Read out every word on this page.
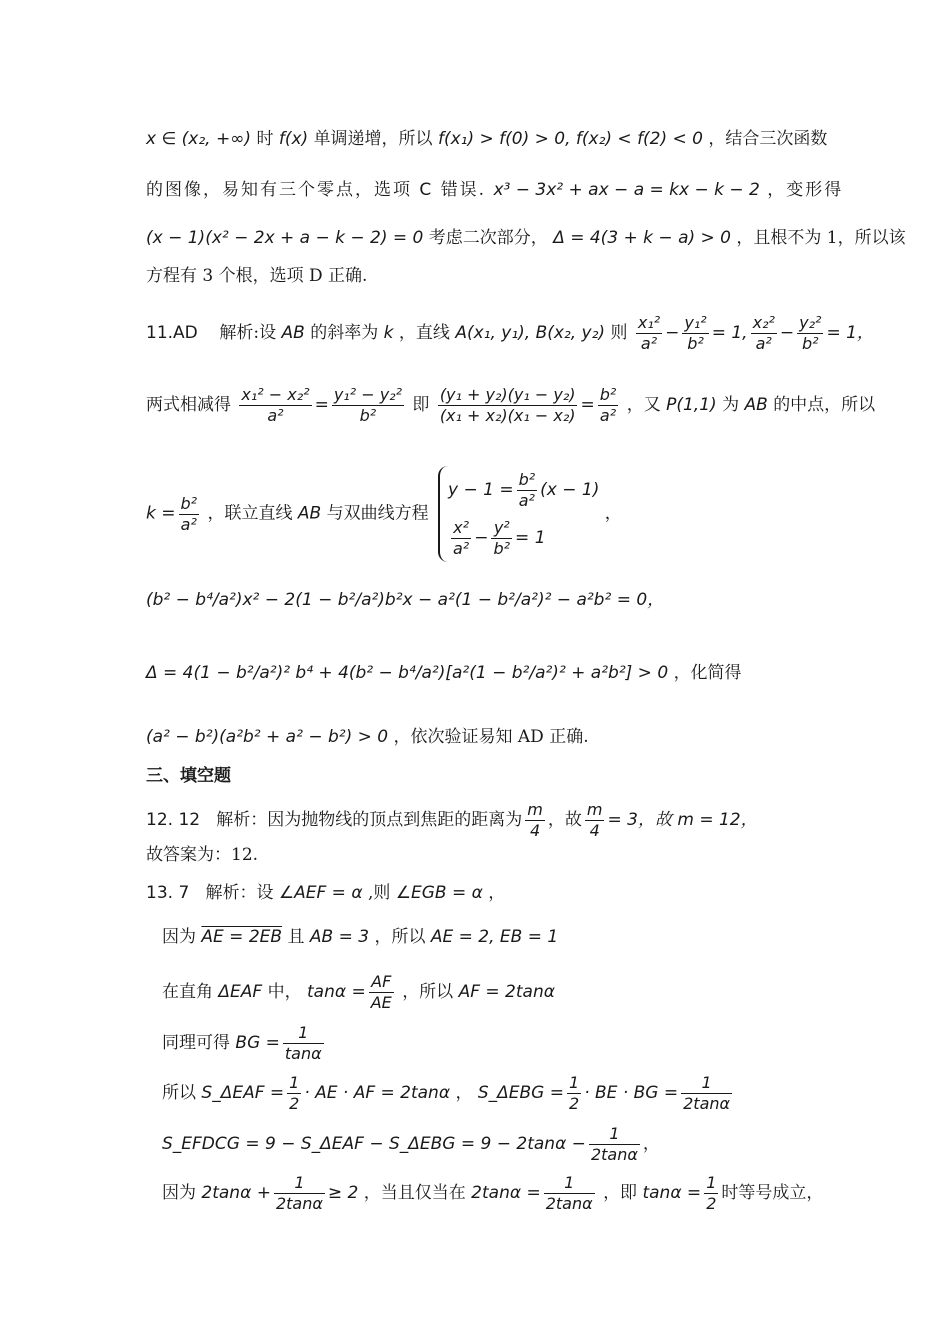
x ∈ (x₂, +∞) 时 f(x) 单调递增，所以 f(x₁) > f(0) > 0, f(x₂) < f(2) < 0 ，结合三次函数
的图像，易知有三个零点，选项 C 错误. x³ − 3x² + ax − a = kx − k − 2 ，变形得
(x − 1)(x² − 2x + a − k − 2) = 0 考虑二次部分， Δ = 4(3 + k − a) > 0 ，且根不为 1，所以该
方程有 3 个根，选项 D 正确.
11.AD 解析:设 AB 的斜率为 k ，直线 A(x₁, y₁), B(x₂, y₂) 则 $\frac{\text{x₁²}}{\text{a²}} - \frac{\text{y₁²}}{\text{b²}} = 1$, $\frac{\text{x₂²}}{\text{a²}} - \frac{\text{y₂²}}{\text{b²}} = 1$，
两式相减得 $\frac{\text{x₁² − x₂²}}{\text{a²}} = \frac{\text{y₁² − y₂²}}{\text{b²}}$ 即 $\frac{\text{(y₁ + y₂)(y₁ − y₂)}}{\text{(x₁ + x₂)(x₁ − x₂)}} = \frac{\text{b²}}{\text{a²}}$ ，又 P(1,1) 为 AB 的中点，所以
$k = \frac{\text{b²}}{\text{a²}}$ ，联立直线 AB 与双曲线方程
$y - 1 = \frac{\text{b²}}{\text{a²}} (x - 1)$
$\frac{\text{x²}}{\text{a²}} - \frac{\text{y²}}{\text{b²}} = 1$
，
(b² − b⁴/a²)x² − 2(1 − b²/a²)b²x − a²(1 − b²/a²)² − a²b² = 0，
Δ = 4(1 − b²/a²)² b⁴ + 4(b² − b⁴/a²)[a²(1 − b²/a²)² + a²b²] > 0 ，化简得
(a² − b²)(a²b² + a² − b²) > 0 ，依次验证易知 AD 正确.
三、填空题
12. 12 解析：因为抛物线的顶点到焦距的距离为 $\frac{m}{4}$ ，故 $\frac{m}{4} = 3$，故 m = 12，
故答案为：12.
13. 7 解析：设 ∠AEF = α ,则 ∠EGB = α ，
因为 AE = 2EB 且 AB = 3 ，所以 AE = 2, EB = 1
在直角 ΔEAF 中， $\tan\alpha = \frac{AF}{AE}$ ，所以 AF = 2tanα
同理可得 BG = $\frac{1}{\tan\alpha}$
所以 S_ΔEAF = $\frac{1}{2}$ · AE · AF = 2tanα ， S_ΔEBG = $\frac{1}{2}$ · BE · BG = $\frac{1}{2\tan\alpha}$
S_EFDCG = 9 − S_ΔEAF − S_ΔEBG = $9 - 2\tan\alpha - \frac{1}{2\tan\alpha}$ ，
因为 $2\tan\alpha + \frac{1}{2\tan\alpha} \ge 2$ ，当且仅当在 $2\tan\alpha = \frac{1}{2\tan\alpha}$ ，即 $\tan\alpha = \frac{1}{2}$ 时等号成立，
